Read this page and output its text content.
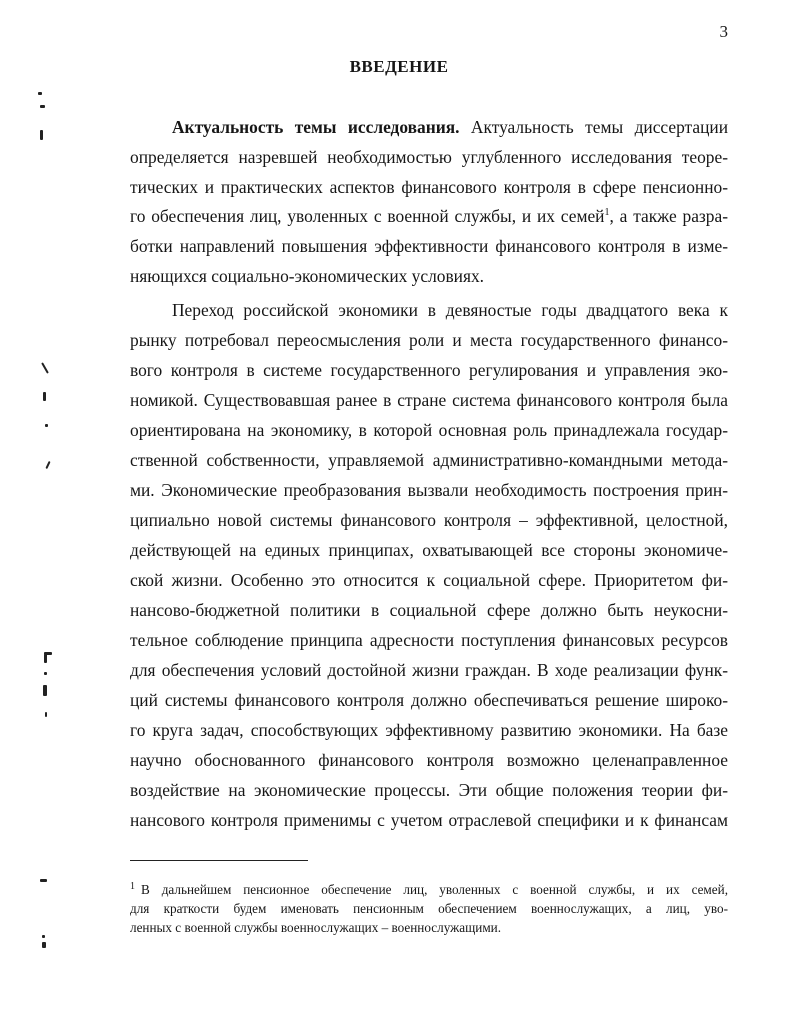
3
ВВЕДЕНИЕ
Актуальность темы исследования. Актуальность темы диссертации
определяется назревшей необходимостью углубленного исследования теоре-
тических и практических аспектов финансового контроля в сфере пенсионно-
го обеспечения лиц, уволенных с военной службы, и их семей$^1$, а также разра-
ботки направлений повышения эффективности финансового контроля в изме-
няющихся социально-экономических условиях.
Переход российской экономики в девяностые годы двадцатого века к
рынку потребовал переосмысления роли и места государственного финансо-
вого контроля в системе государственного регулирования и управления эко-
номикой. Существовавшая ранее в стране система финансового контроля была
ориентирована на экономику, в которой основная роль принадлежала государ-
ственной собственности, управляемой административно-командными метода-
ми. Экономические преобразования вызвали необходимость построения прин-
ципиально новой системы финансового контроля – эффективной, целостной,
действующей на единых принципах, охватывающей все стороны экономиче-
ской жизни. Особенно это относится к социальной сфере. Приоритетом фи-
нансово-бюджетной политики в социальной сфере должно быть неукосни-
тельное соблюдение принципа адресности поступления финансовых ресурсов
для обеспечения условий достойной жизни граждан. В ходе реализации функ-
ций системы финансового контроля должно обеспечиваться решение широко-
го круга задач, способствующих эффективному развитию экономики. На базе
научно обоснованного финансового контроля возможно целенаправленное
воздействие на экономические процессы. Эти общие положения теории фи-
нансового контроля применимы с учетом отраслевой специфики и к финансам
$^1$ В дальнейшем пенсионное обеспечение лиц, уволенных с военной службы, и их семей,
для краткости будем именовать пенсионным обеспечением военнослужащих, а лиц, уво-
ленных с военной службы военнослужащих – военнослужащими.
